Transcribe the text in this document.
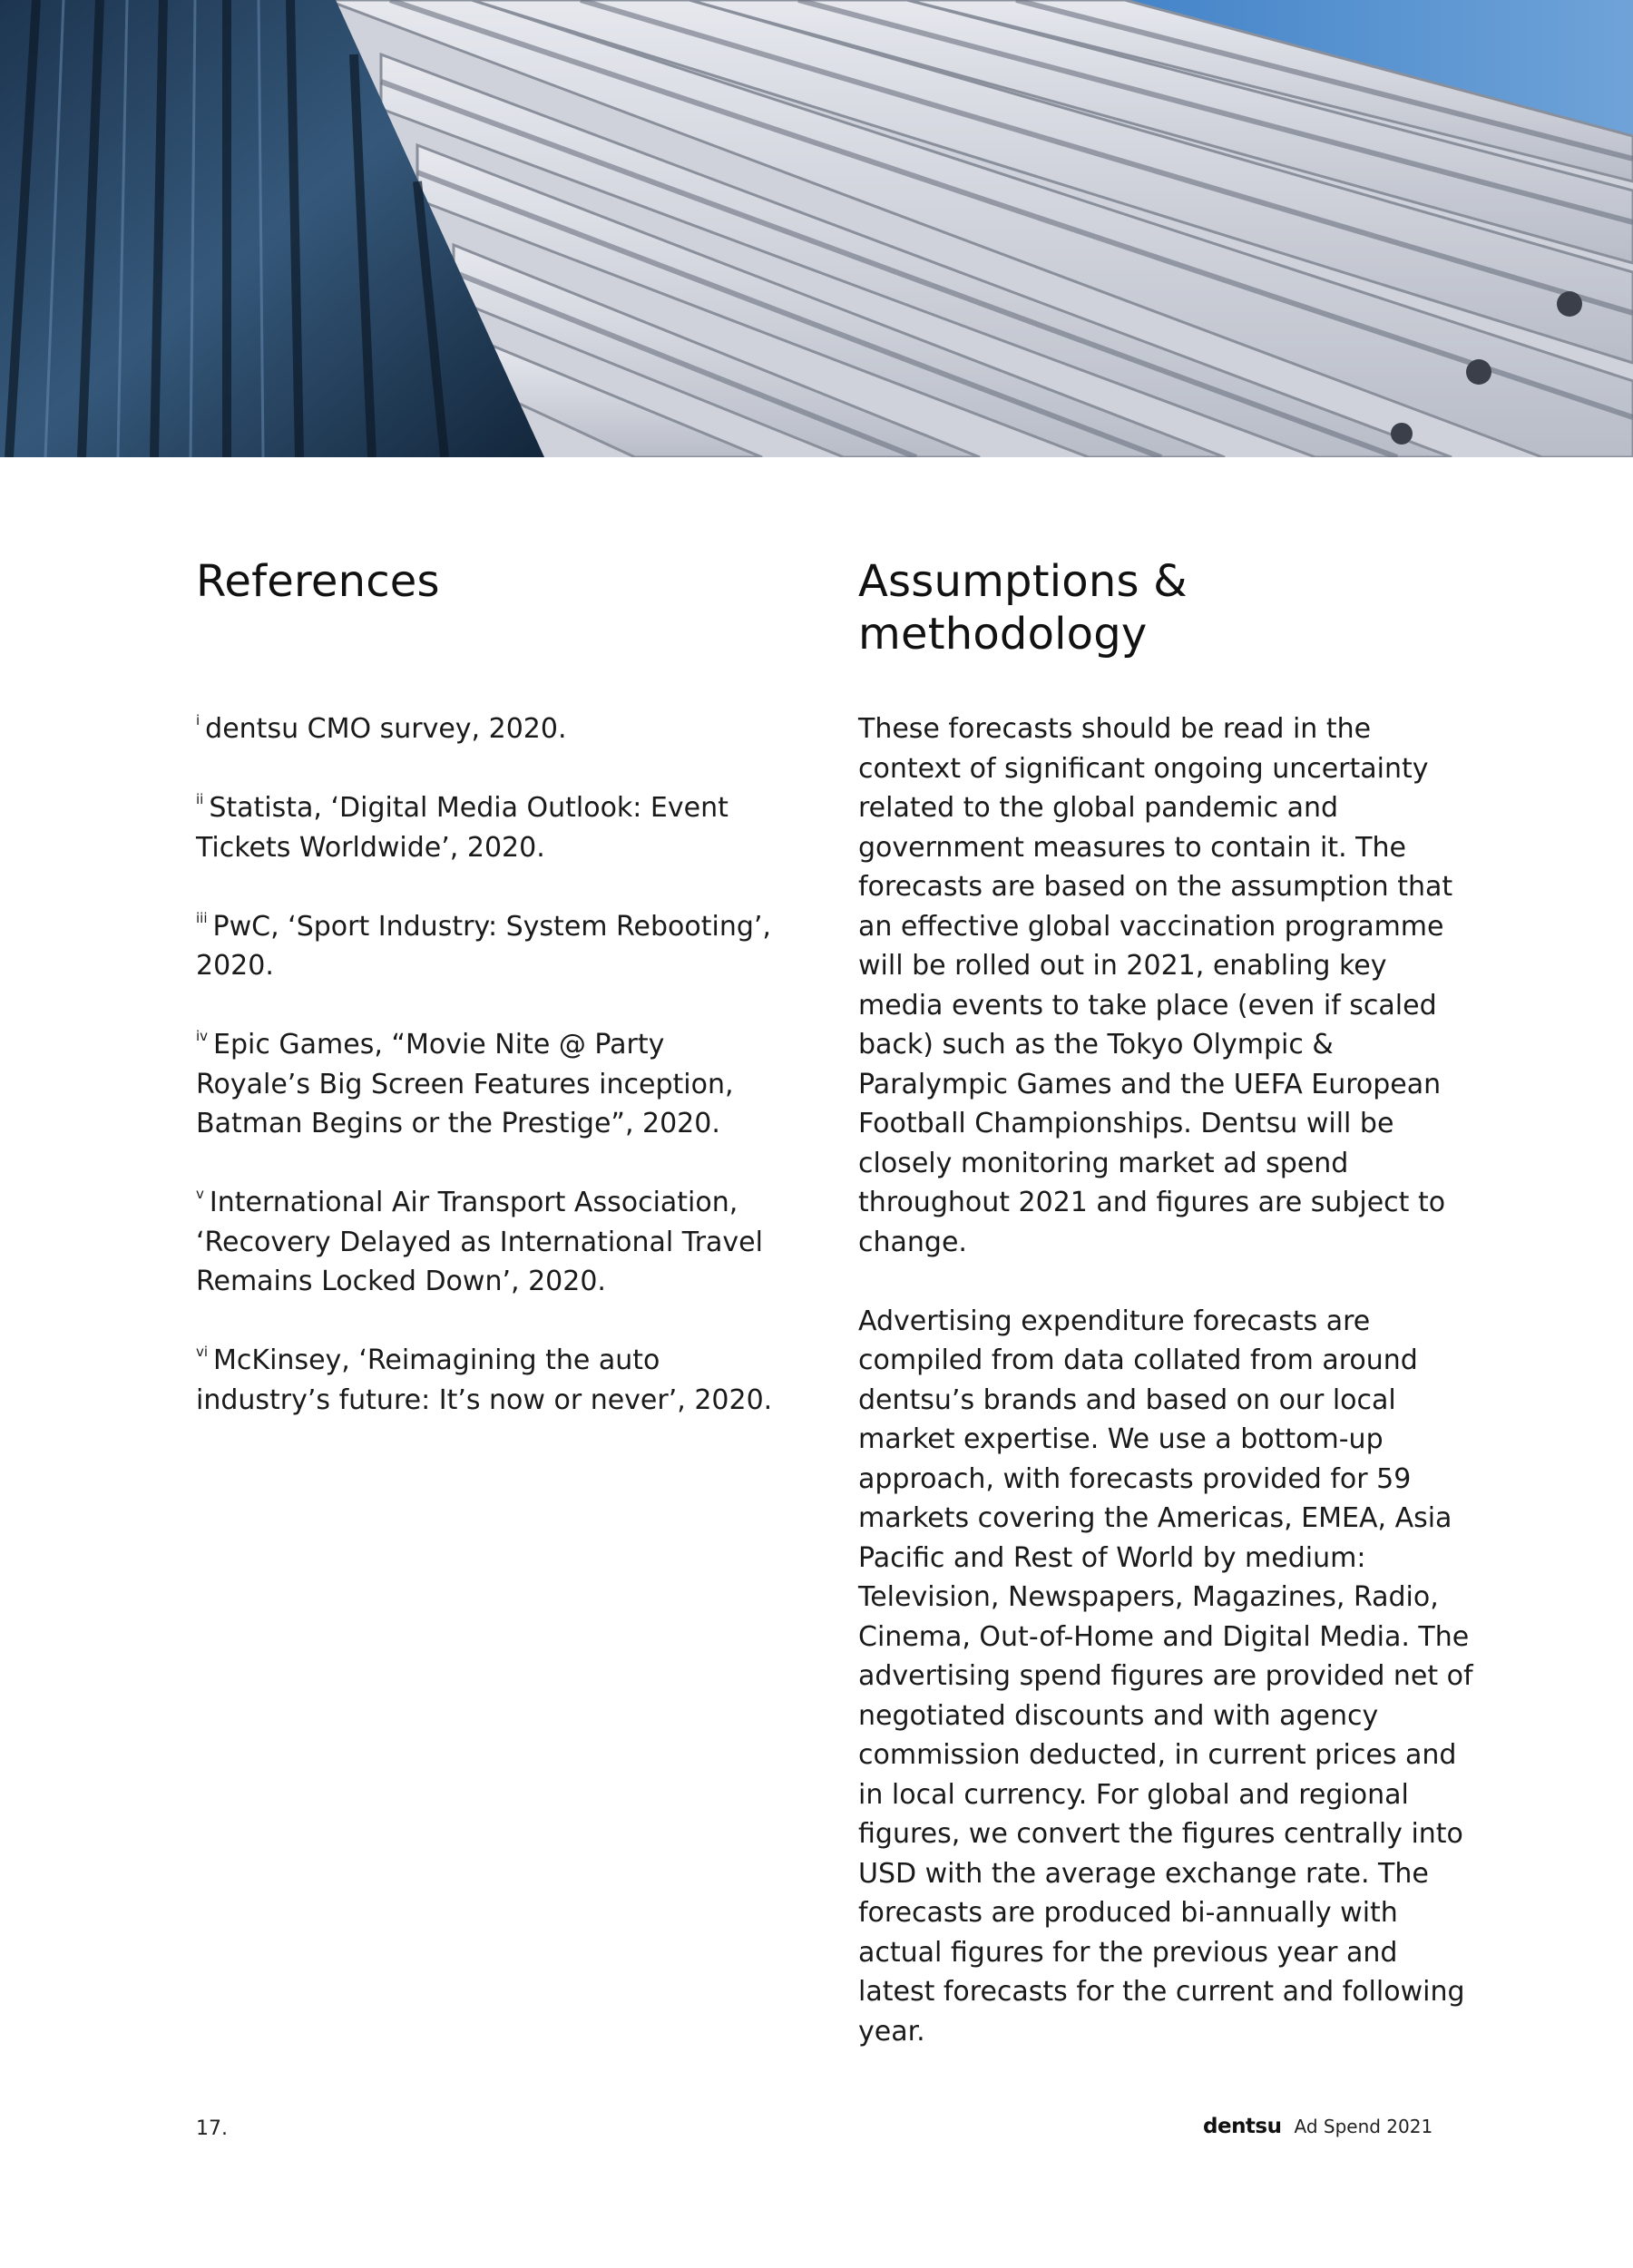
References

$^i$ dentsu CMO survey, 2020.

$^{ii}$ Statista, ‘Digital Media Outlook: Event Tickets Worldwide’, 2020.

$^{iii}$ PwC, ‘Sport Industry: System Rebooting’, 2020.

$^{iv}$ Epic Games, “Movie Nite @ Party Royale’s Big Screen Features inception, Batman Begins or the Prestige”, 2020.

$^v$ International Air Transport Association, ‘Recovery Delayed as International Travel Remains Locked Down’, 2020.

$^{vi}$ McKinsey, ‘Reimagining the auto industry’s future: It’s now or never’, 2020.

Assumptions &
methodology

These forecasts should be read in the context of significant ongoing uncertainty related to the global pandemic and government measures to contain it. The forecasts are based on the assumption that an effective global vaccination programme will be rolled out in 2021, enabling key media events to take place (even if scaled back) such as the Tokyo Olympic & Paralympic Games and the UEFA European Football Championships. Dentsu will be closely monitoring market ad spend throughout 2021 and figures are subject to change.

Advertising expenditure forecasts are compiled from data collated from around dentsu’s brands and based on our local market expertise. We use a bottom-up approach, with forecasts provided for 59 markets covering the Americas, EMEA, Asia Pacific and Rest of World by medium: Television, Newspapers, Magazines, Radio, Cinema, Out-of-Home and Digital Media. The advertising spend figures are provided net of negotiated discounts and with agency commission deducted, in current prices and in local currency. For global and regional figures, we convert the figures centrally into USD with the average exchange rate. The forecasts are produced bi-annually with actual figures for the previous year and latest forecasts for the current and following year.

17.	dentsu Ad Spend 2021
